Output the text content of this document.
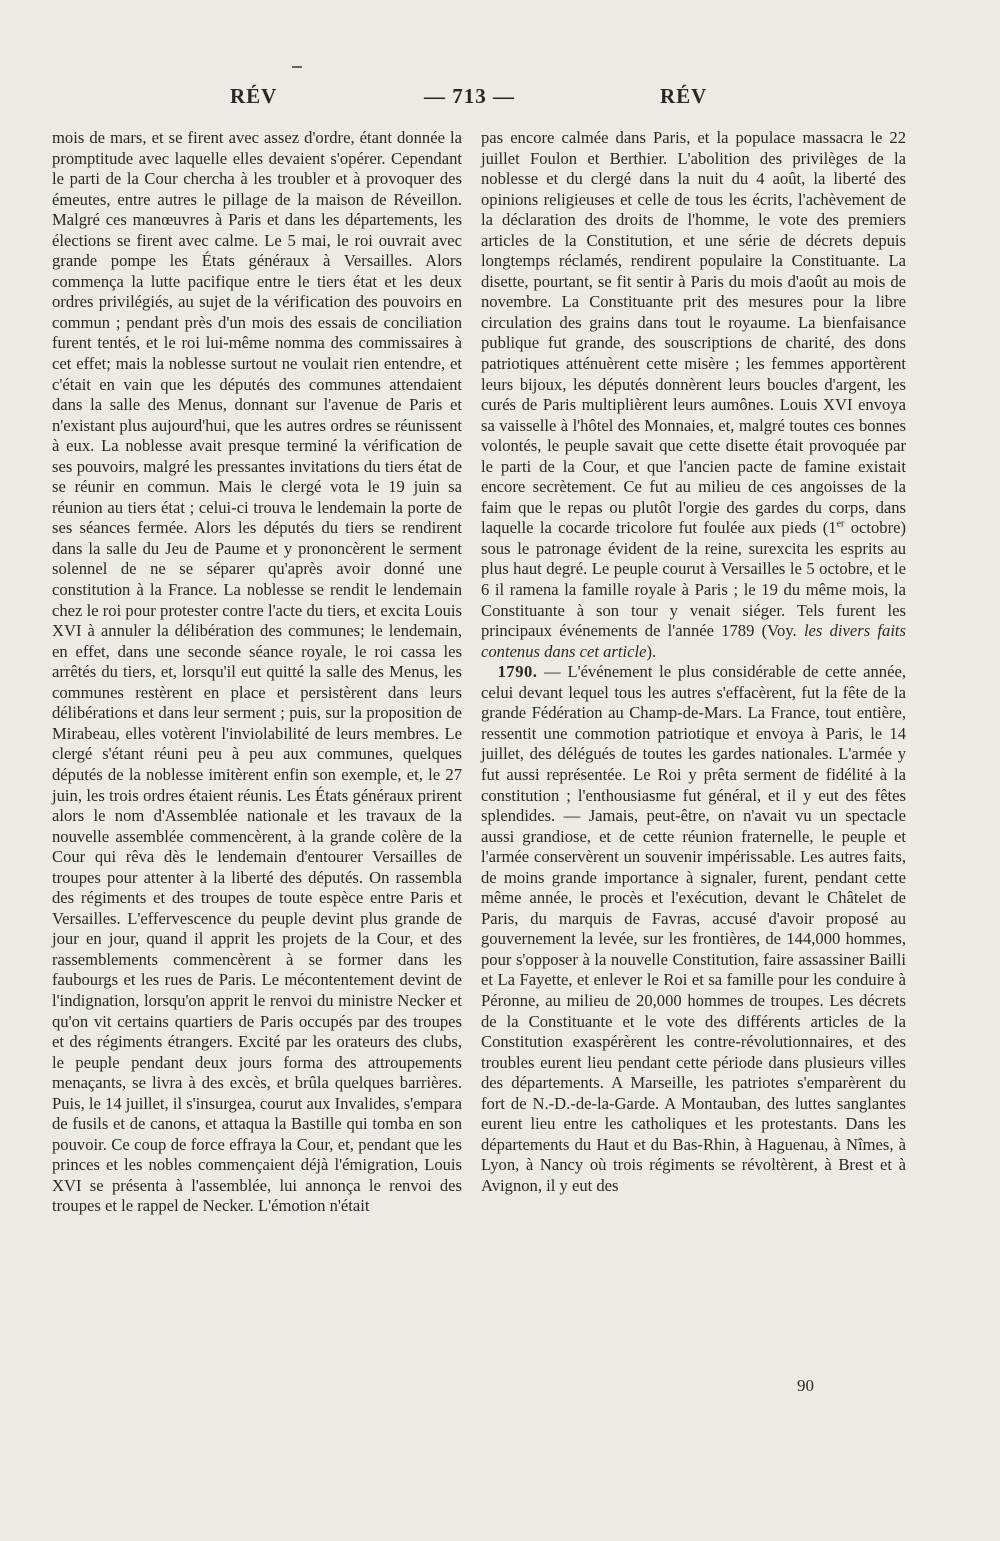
RÉV	— 713 —	RÉV

mois de mars, et se firent avec assez d'ordre, étant donnée la promptitude avec laquelle elles devaient s'opérer. Cependant le parti de la Cour chercha à les troubler et à provoquer des émeutes, entre autres le pillage de la maison de Réveillon. Malgré ces manœuvres à Paris et dans les départements, les élections se firent avec calme. Le 5 mai, le roi ouvrait avec grande pompe les États généraux à Versailles. Alors commença la lutte pacifique entre le tiers état et les deux ordres privilégiés, au sujet de la vérification des pouvoirs en commun ; pendant près d'un mois des essais de conciliation furent tentés, et le roi lui-même nomma des commissaires à cet effet; mais la noblesse surtout ne voulait rien entendre, et c'était en vain que les députés des communes attendaient dans la salle des Menus, donnant sur l'avenue de Paris et n'existant plus aujourd'hui, que les autres ordres se réunissent à eux. La noblesse avait presque terminé la vérification de ses pouvoirs, malgré les pressantes invitations du tiers état de se réunir en commun. Mais le clergé vota le 19 juin sa réunion au tiers état ; celui-ci trouva le lendemain la porte de ses séances fermée. Alors les députés du tiers se rendirent dans la salle du Jeu de Paume et y prononcèrent le serment solennel de ne se séparer qu'après avoir donné une constitution à la France. La noblesse se rendit le lendemain chez le roi pour protester contre l'acte du tiers, et excita Louis XVI à annuler la délibération des communes; le lendemain, en effet, dans une seconde séance royale, le roi cassa les arrêtés du tiers, et, lorsqu'il eut quitté la salle des Menus, les communes restèrent en place et persistèrent dans leurs délibérations et dans leur serment ; puis, sur la proposition de Mirabeau, elles votèrent l'inviolabilité de leurs membres. Le clergé s'étant réuni peu à peu aux communes, quelques députés de la noblesse imitèrent enfin son exemple, et, le 27 juin, les trois ordres étaient réunis. Les États généraux prirent alors le nom d'Assemblée nationale et les travaux de la nouvelle assemblée commencèrent, à la grande colère de la Cour qui rêva dès le lendemain d'entourer Versailles de troupes pour attenter à la liberté des députés. On rassembla des régiments et des troupes de toute espèce entre Paris et Versailles. L'effervescence du peuple devint plus grande de jour en jour, quand il apprit les projets de la Cour, et des rassemblements commencèrent à se former dans les faubourgs et les rues de Paris. Le mécontentement devint de l'indignation, lorsqu'on apprit le renvoi du ministre Necker et qu'on vit certains quartiers de Paris occupés par des troupes et des régiments étrangers. Excité par les orateurs des clubs, le peuple pendant deux jours forma des attroupements menaçants, se livra à des excès, et brûla quelques barrières. Puis, le 14 juillet, il s'insurgea, courut aux Invalides, s'empara de fusils et de canons, et attaqua la Bastille qui tomba en son pouvoir. Ce coup de force effraya la Cour, et, pendant que les princes et les nobles commençaient déjà l'émigration, Louis XVI se présenta à l'assemblée, lui annonça le renvoi des troupes et le rappel de Necker. L'émotion n'était

pas encore calmée dans Paris, et la populace massacra le 22 juillet Foulon et Berthier. L'abolition des privilèges de la noblesse et du clergé dans la nuit du 4 août, la liberté des opinions religieuses et celle de tous les écrits, l'achèvement de la déclaration des droits de l'homme, le vote des premiers articles de la Constitution, et une série de décrets depuis longtemps réclamés, rendirent populaire la Constituante. La disette, pourtant, se fit sentir à Paris du mois d'août au mois de novembre. La Constituante prit des mesures pour la libre circulation des grains dans tout le royaume. La bienfaisance publique fut grande, des souscriptions de charité, des dons patriotiques atténuèrent cette misère ; les femmes apportèrent leurs bijoux, les députés donnèrent leurs boucles d'argent, les curés de Paris multiplièrent leurs aumônes. Louis XVI envoya sa vaisselle à l'hôtel des Monnaies, et, malgré toutes ces bonnes volontés, le peuple savait que cette disette était provoquée par le parti de la Cour, et que l'ancien pacte de famine existait encore secrètement. Ce fut au milieu de ces angoisses de la faim que le repas ou plutôt l'orgie des gardes du corps, dans laquelle la cocarde tricolore fut foulée aux pieds (1er octobre) sous le patronage évident de la reine, surexcita les esprits au plus haut degré. Le peuple courut à Versailles le 5 octobre, et le 6 il ramena la famille royale à Paris ; le 19 du même mois, la Constituante à son tour y venait siéger. Tels furent les principaux événements de l'année 1789 (Voy. les divers faits contenus dans cet article).

 1790. — L'événement le plus considérable de cette année, celui devant lequel tous les autres s'effacèrent, fut la fête de la grande Fédération au Champ-de-Mars. La France, tout entière, ressentit une commotion patriotique et envoya à Paris, le 14 juillet, des délégués de toutes les gardes nationales. L'armée y fut aussi représentée. Le Roi y prêta serment de fidélité à la constitution ; l'enthousiasme fut général, et il y eut des fêtes splendides. — Jamais, peut-être, on n'avait vu un spectacle aussi grandiose, et de cette réunion fraternelle, le peuple et l'armée conservèrent un souvenir impérissable. Les autres faits, de moins grande importance à signaler, furent, pendant cette même année, le procès et l'exécution, devant le Châtelet de Paris, du marquis de Favras, accusé d'avoir proposé au gouvernement la levée, sur les frontières, de 144,000 hommes, pour s'opposer à la nouvelle Constitution, faire assassiner Bailli et La Fayette, et enlever le Roi et sa famille pour les conduire à Péronne, au milieu de 20,000 hommes de troupes. Les décrets de la Constituante et le vote des différents articles de la Constitution exaspérèrent les contre-révolutionnaires, et des troubles eurent lieu pendant cette période dans plusieurs villes des départements. A Marseille, les patriotes s'emparèrent du fort de N.-D.-de-la-Garde. A Montauban, des luttes sanglantes eurent lieu entre les catholiques et les protestants. Dans les départements du Haut et du Bas-Rhin, à Haguenau, à Nîmes, à Lyon, à Nancy où trois régiments se révoltèrent, à Brest et à Avignon, il y eut des

90
